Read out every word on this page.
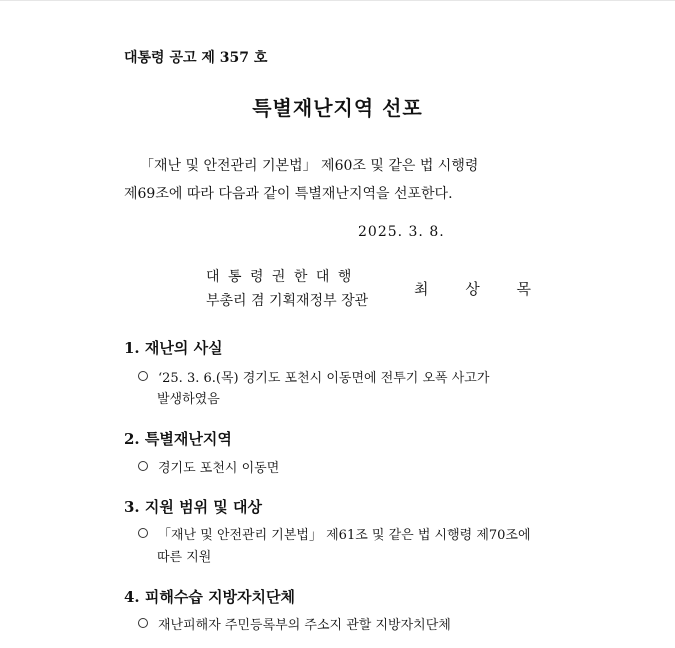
대통령 공고 제 357 호
특별재난지역 선포
「재난 및 안전관리 기본법」 제60조 및 같은 법 시행령
제69조에 따라 다음과 같이 특별재난지역을 선포한다.
2025. 3. 8.
대 통 령 권 한 대 행
부총리 겸 기획재정부 장관
최 상 목
1. 재난의 사실
‘25. 3. 6.(목) 경기도 포천시 이동면에 전투기 오폭 사고가
발생하였음
2. 특별재난지역
경기도 포천시 이동면
3. 지원 범위 및 대상
「재난 및 안전관리 기본법」 제61조 및 같은 법 시행령 제70조에
따른 지원
4. 피해수습 지방자치단체
재난피해자 주민등록부의 주소지 관할 지방자치단체
